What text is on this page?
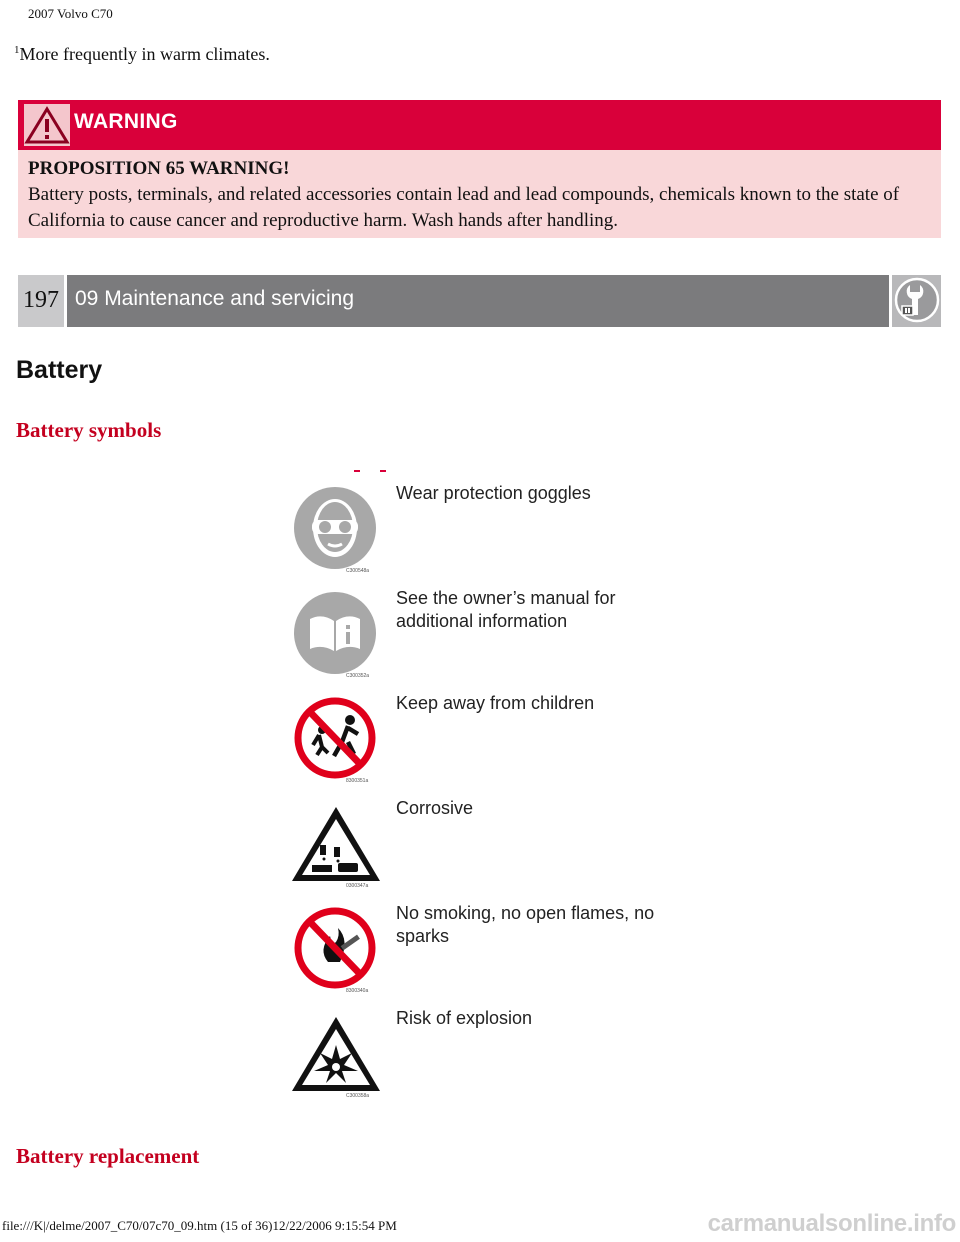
2007 Volvo C70
$^1$More frequently in warm climates.
WARNING
PROPOSITION 65 WARNING!
Battery posts, terminals, and related accessories contain lead and lead compounds, chemicals known to the state of California to cause cancer and reproductive harm. Wash hands after handling.
197 09 Maintenance and servicing
Battery
Battery symbols
C300548a
Wear protection goggles
C300352a
See the owner’s manual for additional information
8300351a
Keep away from children
0300347a
Corrosive
8300340a
No smoking, no open flames, no sparks
C300358a
Risk of explosion
Battery replacement
file:///K|/delme/2007_C70/07c70_09.htm (15 of 36)12/22/2006 9:15:54 PM	carmanualsonline.info
